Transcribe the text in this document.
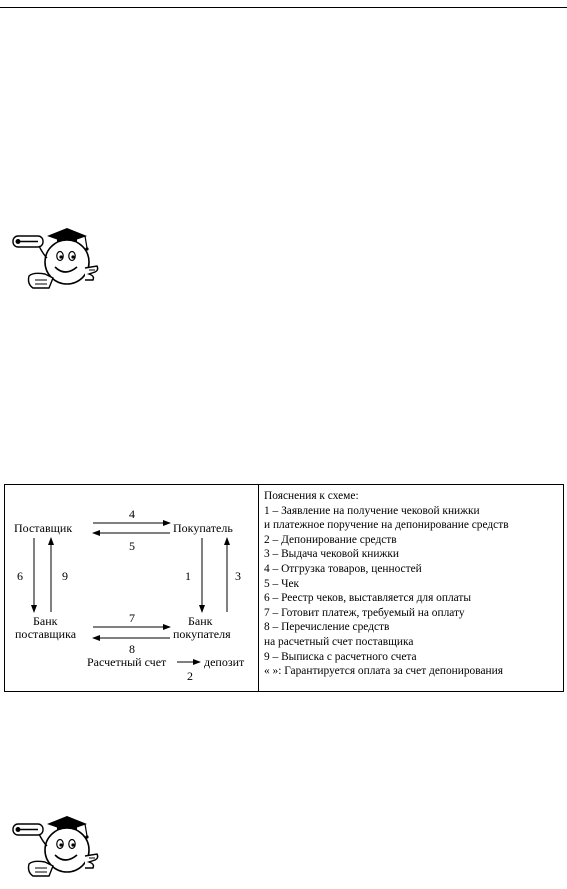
Поставщик	Покупатель
Банк
поставщика
Банк
покупателя
Расчетный счет	депозит
4
5
6	9	1	3
7
8
2
Пояснения к схеме:
1 – Заявление на получение чековой книжки
и платежное поручение на депонирование средств
2 – Депонирование средств
3 – Выдача чековой книжки
4 – Отгрузка товаров, ценностей
5 – Чек
6 – Реестр чеков, выставляется для оплаты
7 – Готовит платеж, требуемый на оплату
8 – Перечисление средств
на расчетный счет поставщика
9 – Выписка с расчетного счета
« »: Гарантируется оплата за счет депонирования
